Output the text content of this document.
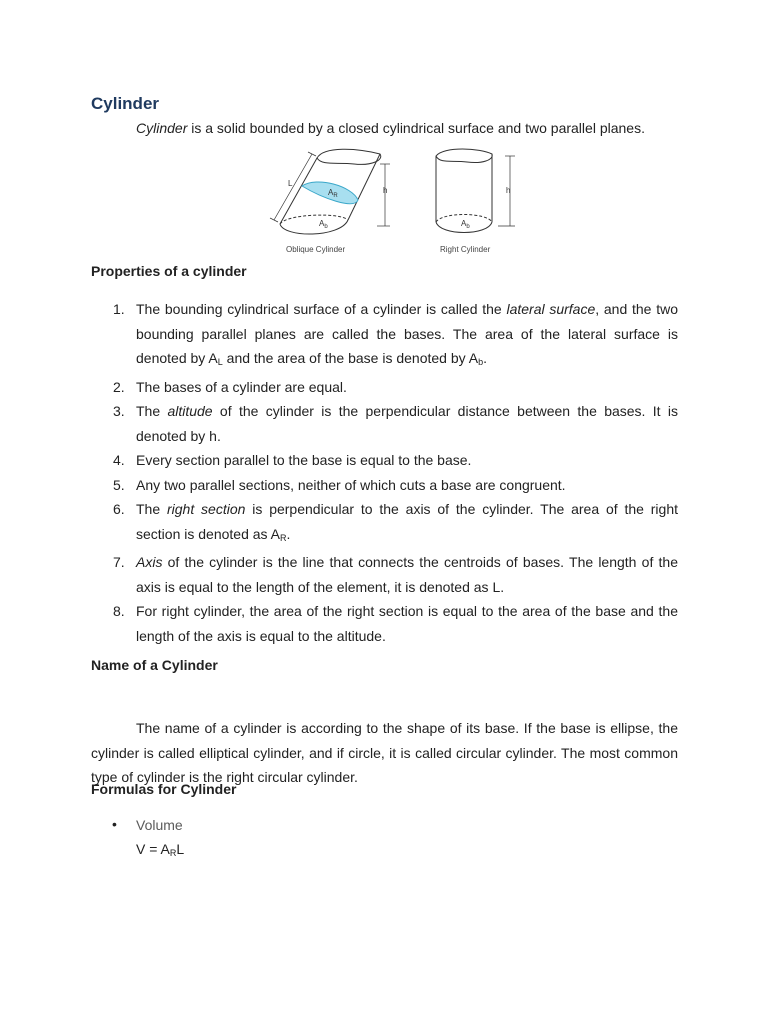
Cylinder
Cylinder is a solid bounded by a closed cylindrical surface and two parallel planes.
L
h
$A_R$
$A_b$
Oblique Cylinder
h
$A_b$
Right Cylinder
Properties of a cylinder
1. The bounding cylindrical surface of a cylinder is called the lateral surface, and the two bounding parallel planes are called the bases. The area of the lateral surface is denoted by $A_L$ and the area of the base is denoted by $A_b$.
2. The bases of a cylinder are equal.
3. The altitude of the cylinder is the perpendicular distance between the bases. It is denoted by h.
4. Every section parallel to the base is equal to the base.
5. Any two parallel sections, neither of which cuts a base are congruent.
6. The right section is perpendicular to the axis of the cylinder. The area of the right section is denoted as $A_R$.
7. Axis of the cylinder is the line that connects the centroids of bases. The length of the axis is equal to the length of the element, it is denoted as L.
8. For right cylinder, the area of the right section is equal to the area of the base and the length of the axis is equal to the altitude.
Name of a Cylinder

The name of a cylinder is according to the shape of its base. If the base is ellipse, the cylinder is called elliptical cylinder, and if circle, it is called circular cylinder. The most common type of cylinder is the right circular cylinder.

Formulas for Cylinder
• Volume
$V = A_RL$
